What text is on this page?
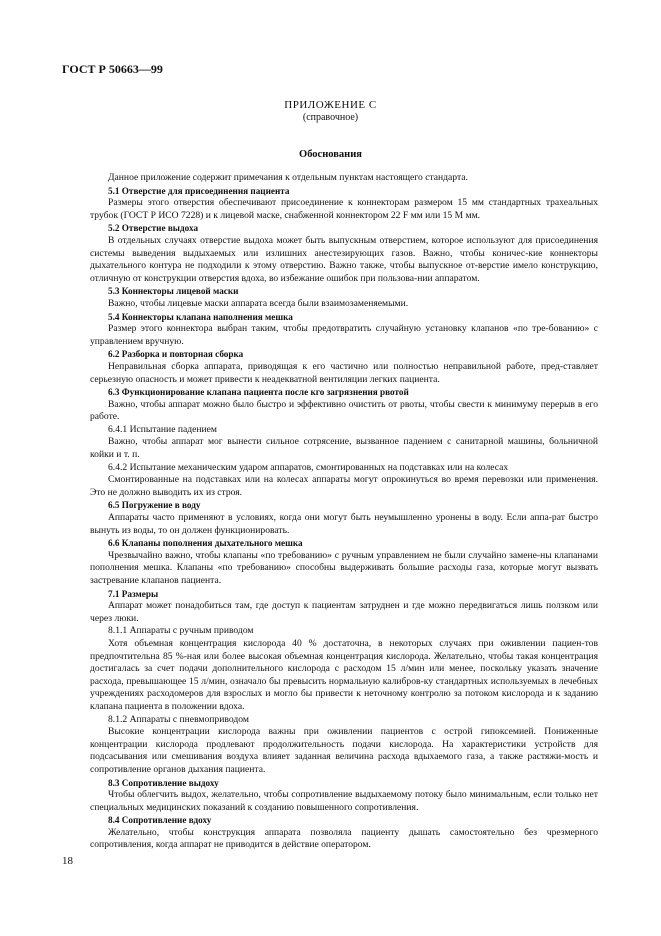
ГОСТ Р 50663—99
ПРИЛОЖЕНИЕ С
(справочное)
Обоснования

Данное приложение содержит примечания к отдельным пунктам настоящего стандарта.

5.1 Отверстие для присоединения пациента

Размеры этого отверстия обеспечивают присоединение к коннекторам размером 15 мм стандартных трахеальных трубок (ГОСТ Р ИСО 7228) и к лицевой маске, снабженной коннектором 22 F мм или 15 М мм.

5.2 Отверстие выдоха

В отдельных случаях отверстие выдоха может быть выпускным отверстием, которое используют для присоединения системы выведения выдыхаемых или излишних анестезирующих газов. Важно, чтобы коничес-кие коннекторы дыхательного контура не подходили к этому отверстию. Важно также, чтобы выпускное от-верстие имело конструкцию, отличную от конструкции отверстия вдоха, во избежание ошибок при пользова-нии аппаратом.

5.3 Коннекторы лицевой маски

Важно, чтобы лицевые маски аппарата всегда были взаимозаменяемыми.

5.4 Коннекторы клапана наполнения мешка

Размер этого коннектора выбран таким, чтобы предотвратить случайную установку клапанов «по тре-бованию» с управлением вручную.

6.2 Разборка и повторная сборка

Неправильная сборка аппарата, приводящая к его частично или полностью неправильной работе, пред-ставляет серьезную опасность и может привести к неадекватной вентиляции легких пациента.

6.3 Функционирование клапана пациента после кго загрязнения рвотой

Важно, чтобы аппарат можно было быстро и эффективно очистить от рвоты, чтобы свести к минимуму перерыв в его работе.

6.4.1 Испытание падением

Важно, чтобы аппарат мог вынести сильное сотрясение, вызванное падением с санитарной машины, больничной койки и т. п.

6.4.2 Испытание механическим ударом аппаратов, смонтированных на подставках или на колесах

Смонтированные на подставках или на колесах аппараты могут опрокинуться во время перевозки или применения. Это не должно выводить их из строя.

6.5 Погружение в воду

Аппараты часто применяют в условиях, когда они могут быть неумышленно уронены в воду. Если аппа-рат быстро вынуть из воды, то он должен функционировать.

6.6 Клапаны пополнения дыхательного мешка

Чрезвычайно важно, чтобы клапаны «по требованию» с ручным управлением не были случайно замене-ны клапанами пополнения мешка. Клапаны «по требованию» способны выдерживать большие расходы газа, которые могут вызвать застревание клапанов пациента.

7.1 Размеры

Аппарат может понадобиться там, где доступ к пациентам затруднен и где можно передвигаться лишь ползком или через люки.

8.1.1 Аппараты с ручным приводом

Хотя объемная концентрация кислорода 40 % достаточна, в некоторых случаях при оживлении пациен-тов предпочтительна 85 %-ная или более высокая объемная концентрация кислорода. Желательно, чтобы такая концентрация достигалась за счет подачи дополнительного кислорода с расходом 15 л/мин или менее, поскольку указать значение расхода, превышающее 15 л/мин, означало бы превысить нормальную калибров-ку стандартных используемых в лечебных учреждениях расходомеров для взрослых и могло бы привести к неточному контролю за потоком кислорода и к заданию клапана пациента в положении вдоха.

8.1.2 Аппараты с пневмоприводом

Высокие концентрации кислорода важны при оживлении пациентов с острой гипоксемией. Пониженные концентрации кислорода продлевают продолжительность подачи кислорода. На характеристики устройств для подсасывания или смешивания воздуха влияет заданная величина расхода вдыхаемого газа, а также растяжи-мость и сопротивление органов дыхания пациента.

8.3 Сопротивление выдоху

Чтобы облегчить выдох, желательно, чтобы сопротивление выдыхаемому потоку было минимальным, если только нет специальных медицинских показаний к созданию повышенного сопротивления.

8.4 Сопротивление вдоху

Желательно, чтобы конструкция аппарата позволяла пациенту дышать самостоятельно без чрезмерного сопротивления, когда аппарат не приводится в действие оператором.

18
